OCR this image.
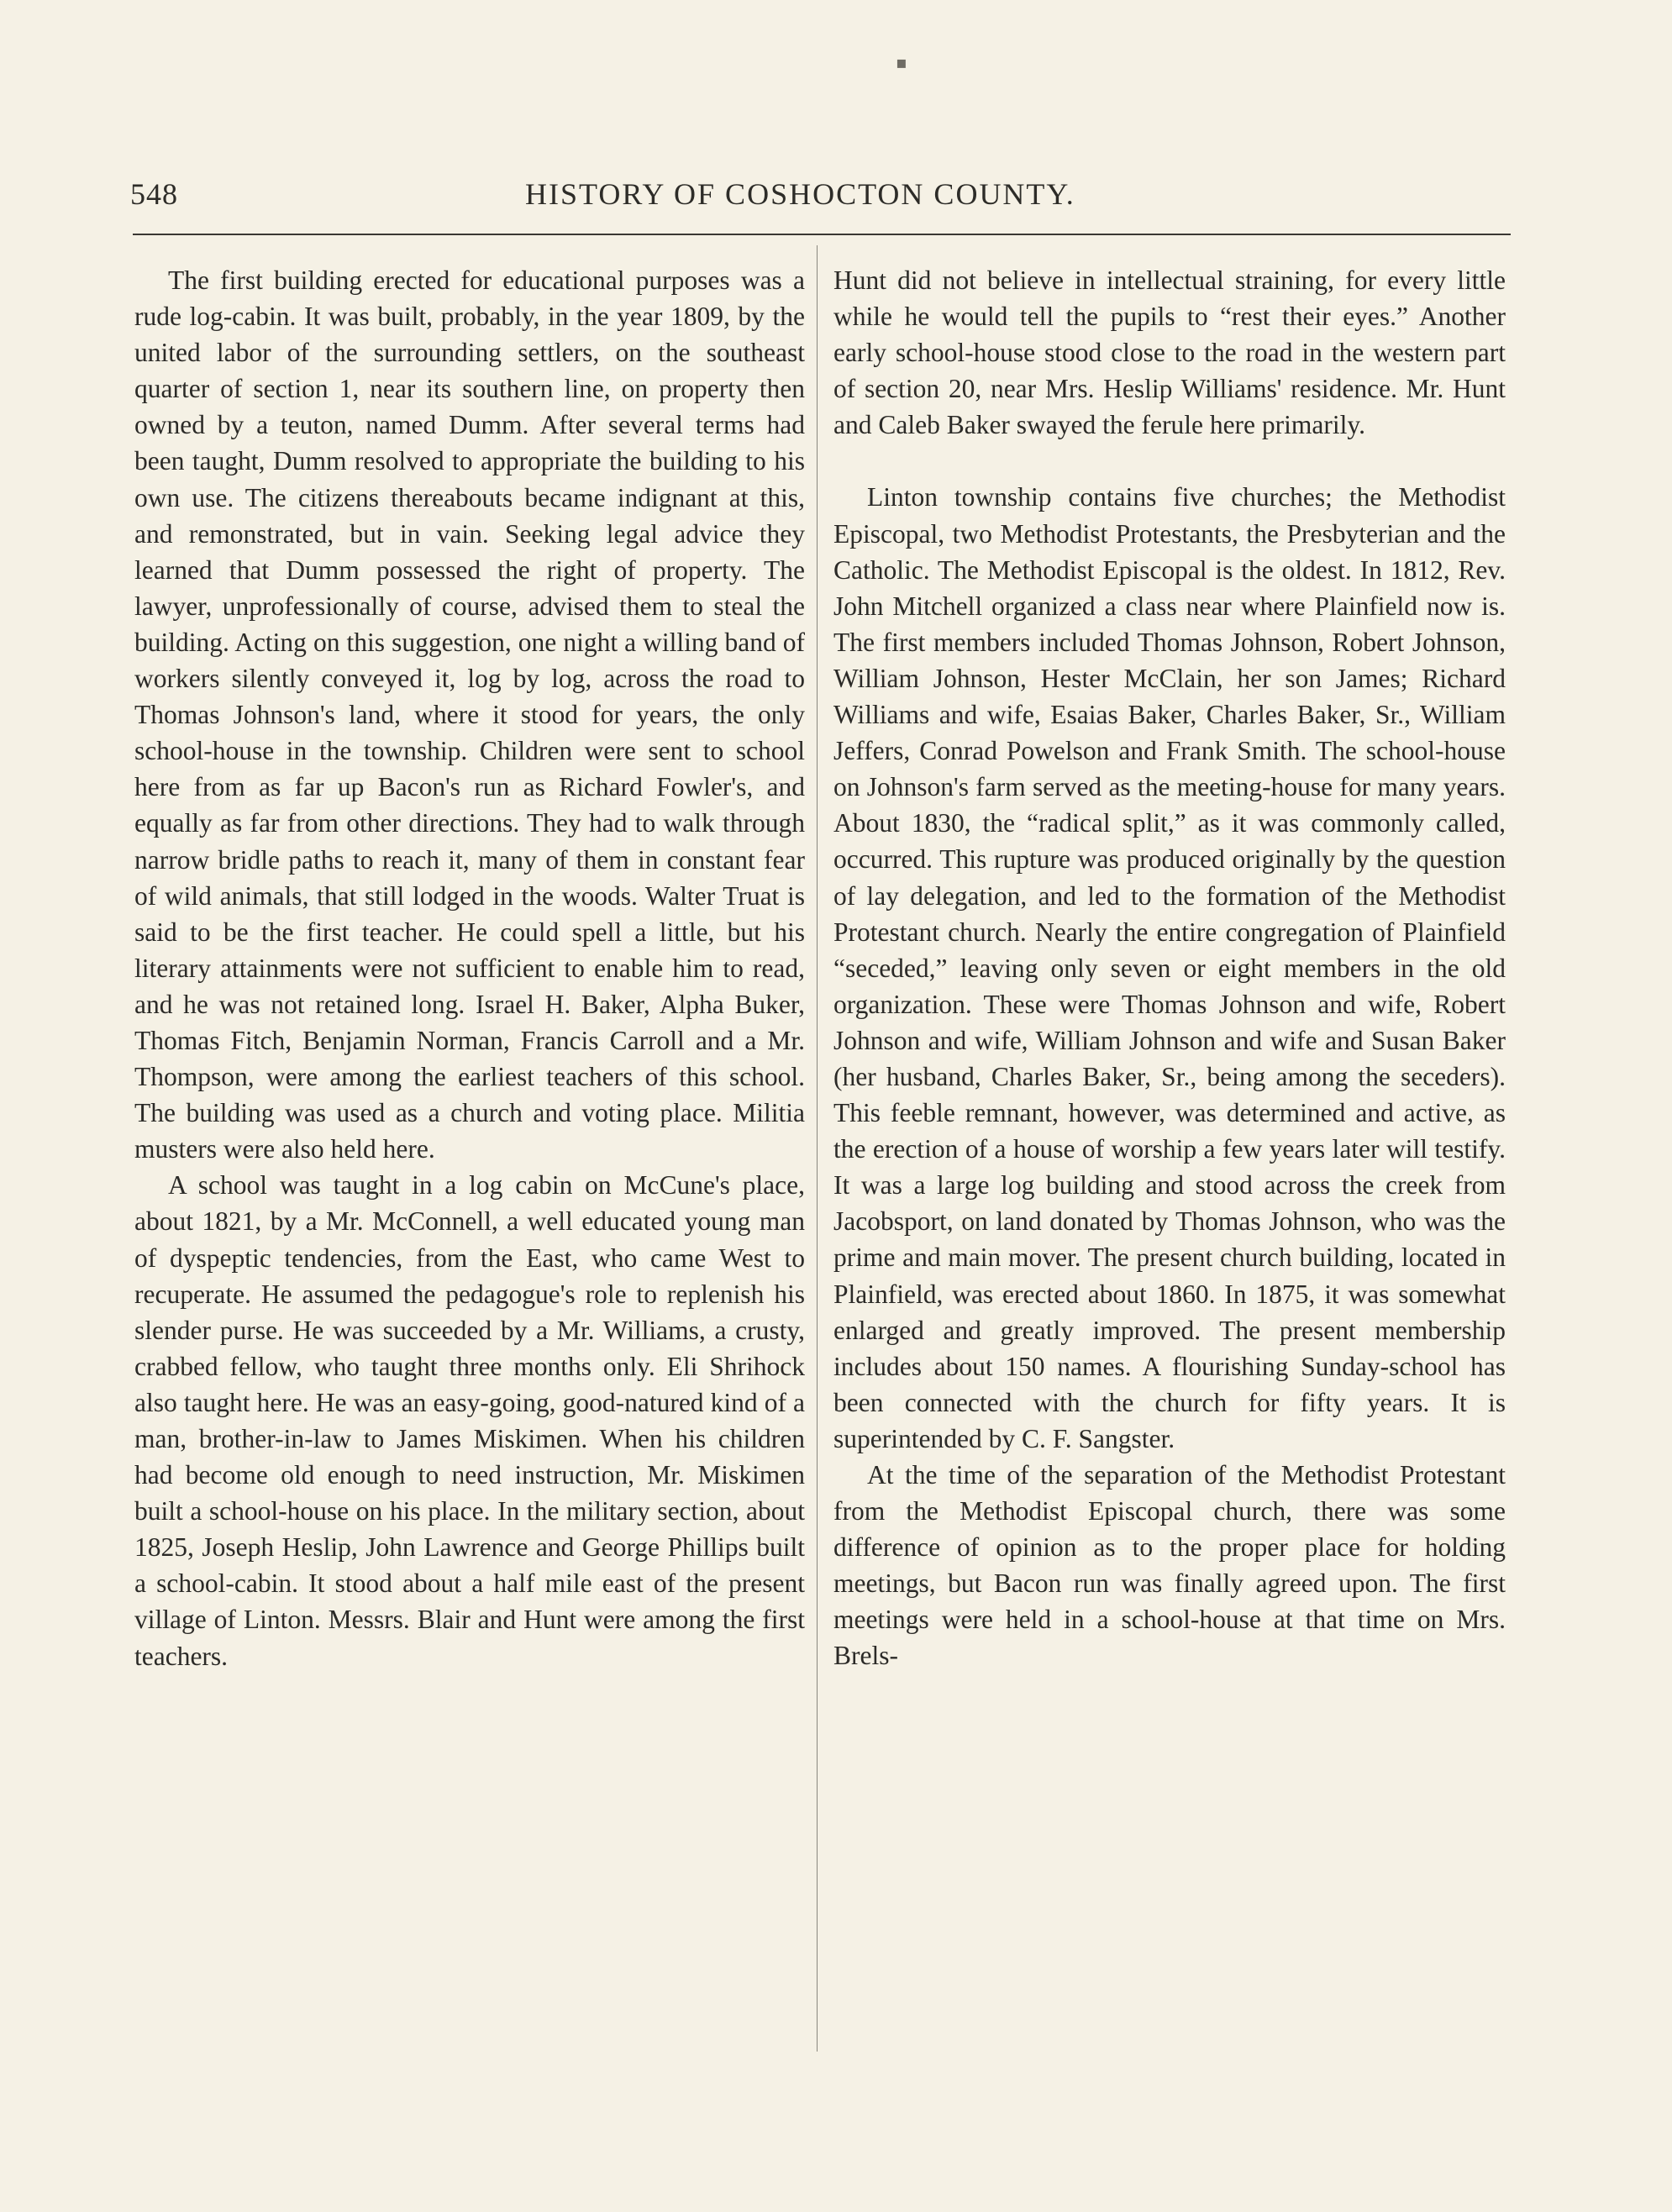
▪
548	HISTORY OF COSHOCTON COUNTY.

The first building erected for educational purposes was a rude log-cabin. It was built, probably, in the year 1809, by the united labor of the surrounding settlers, on the southeast quarter of section 1, near its southern line, on property then owned by a teuton, named Dumm. After several terms had been taught, Dumm resolved to appropriate the building to his own use. The citizens thereabouts became indignant at this, and remonstrated, but in vain. Seeking legal advice they learned that Dumm possessed the right of property. The lawyer, unprofessionally of course, advised them to steal the building. Acting on this suggestion, one night a willing band of workers silently conveyed it, log by log, across the road to Thomas Johnson's land, where it stood for years, the only school-house in the township. Children were sent to school here from as far up Bacon's run as Richard Fowler's, and equally as far from other directions. They had to walk through narrow bridle paths to reach it, many of them in constant fear of wild animals, that still lodged in the woods. Walter Truat is said to be the first teacher. He could spell a little, but his literary attainments were not sufficient to enable him to read, and he was not retained long. Israel H. Baker, Alpha Buker, Thomas Fitch, Benjamin Norman, Francis Carroll and a Mr. Thompson, were among the earliest teachers of this school. The building was used as a church and voting place. Militia musters were also held here.

A school was taught in a log cabin on McCune's place, about 1821, by a Mr. McConnell, a well educated young man of dyspeptic tendencies, from the East, who came West to recuperate. He assumed the pedagogue's role to replenish his slender purse. He was succeeded by a Mr. Williams, a crusty, crabbed fellow, who taught three months only. Eli Shrihock also taught here. He was an easy-going, good-natured kind of a man, brother-in-law to James Miskimen. When his children had become old enough to need instruction, Mr. Miskimen built a school-house on his place. In the military section, about 1825, Joseph Heslip, John Lawrence and George Phillips built a school-cabin. It stood about a half mile east of the present village of Linton. Messrs. Blair and Hunt were among the first teachers.

Hunt did not believe in intellectual straining, for every little while he would tell the pupils to “rest their eyes.” Another early school-house stood close to the road in the western part of section 20, near Mrs. Heslip Williams' residence. Mr. Hunt and Caleb Baker swayed the ferule here primarily.

Linton township contains five churches; the Methodist Episcopal, two Methodist Protestants, the Presbyterian and the Catholic. The Methodist Episcopal is the oldest. In 1812, Rev. John Mitchell organized a class near where Plainfield now is. The first members included Thomas Johnson, Robert Johnson, William Johnson, Hester McClain, her son James; Richard Williams and wife, Esaias Baker, Charles Baker, Sr., William Jeffers, Conrad Powelson and Frank Smith. The school-house on Johnson's farm served as the meeting-house for many years. About 1830, the “radical split,” as it was commonly called, occurred. This rupture was produced originally by the question of lay delegation, and led to the formation of the Methodist Protestant church. Nearly the entire congregation of Plainfield “seceded,” leaving only seven or eight members in the old organization. These were Thomas Johnson and wife, Robert Johnson and wife, William Johnson and wife and Susan Baker (her husband, Charles Baker, Sr., being among the seceders). This feeble remnant, however, was determined and active, as the erection of a house of worship a few years later will testify. It was a large log building and stood across the creek from Jacobsport, on land donated by Thomas Johnson, who was the prime and main mover. The present church building, located in Plainfield, was erected about 1860. In 1875, it was somewhat enlarged and greatly improved. The present membership includes about 150 names. A flourishing Sunday-school has been connected with the church for fifty years. It is superintended by C. F. Sangster.

At the time of the separation of the Methodist Protestant from the Methodist Episcopal church, there was some difference of opinion as to the proper place for holding meetings, but Bacon run was finally agreed upon. The first meetings were held in a school-house at that time on Mrs. Brels-
